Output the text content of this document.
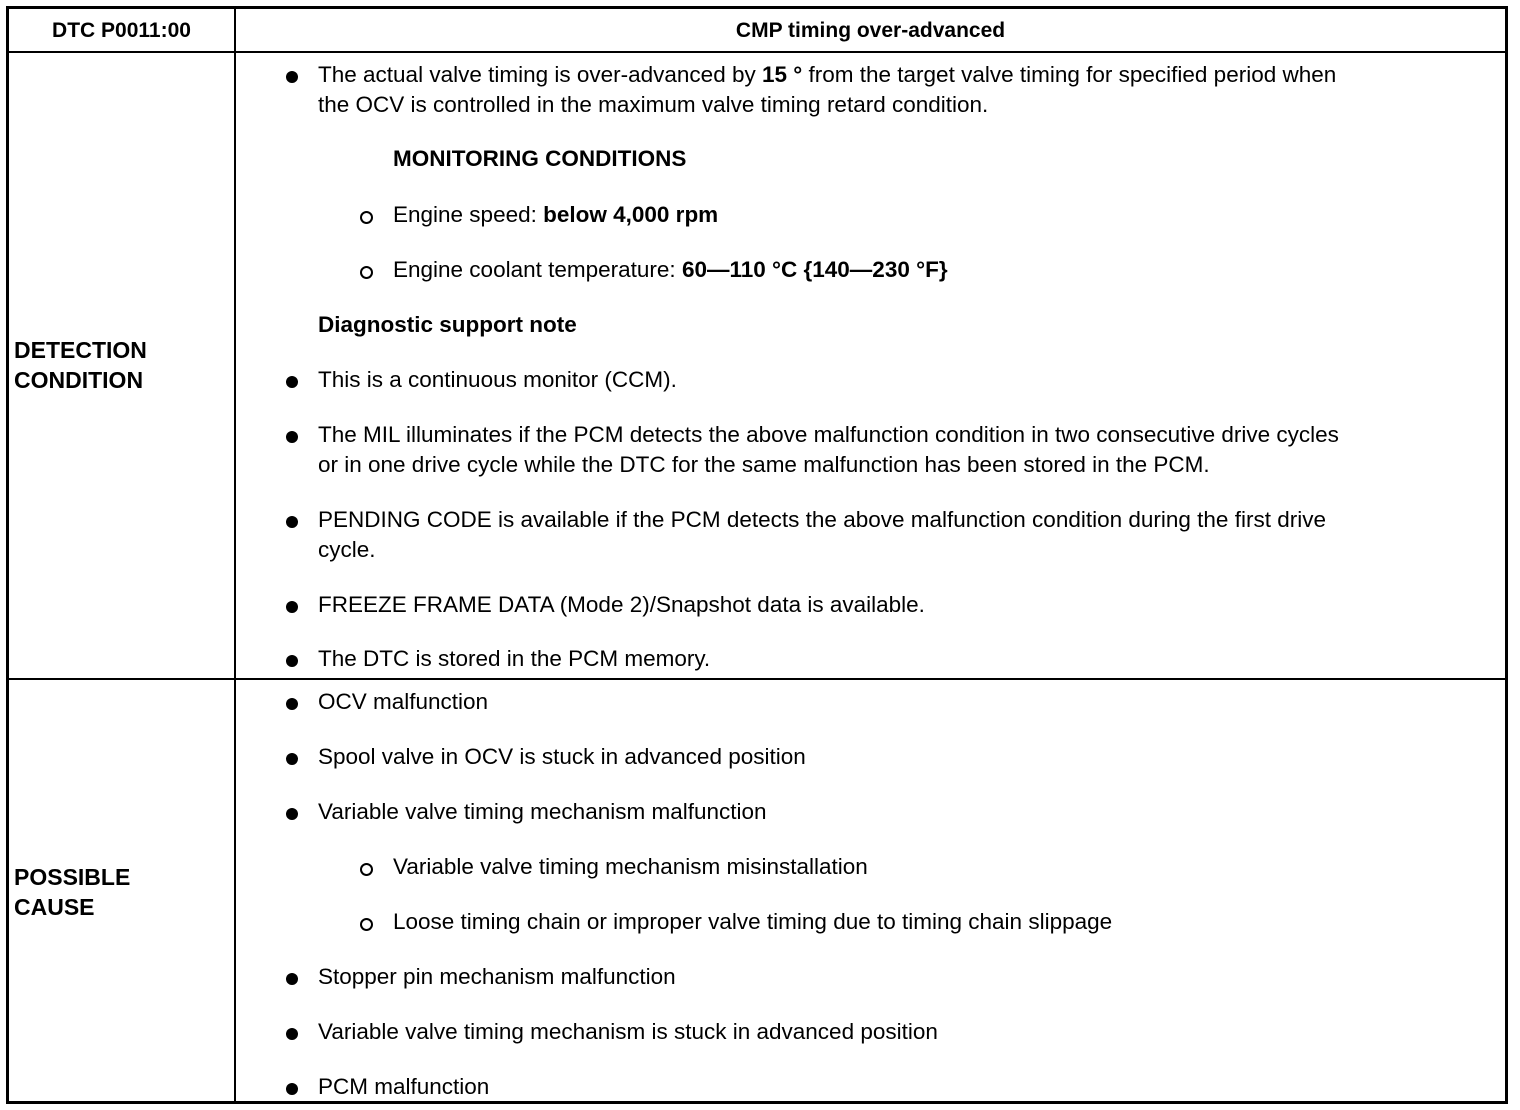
DTC P0011:00	CMP timing over-advanced
DETECTION
CONDITION
The actual valve timing is over-advanced by 15 ° from the target valve timing for specified period when
the OCV is controlled in the maximum valve timing retard condition.
MONITORING CONDITIONS
Engine speed: below 4,000 rpm
Engine coolant temperature: 60—110 °C {140—230 °F}
Diagnostic support note
This is a continuous monitor (CCM).
The MIL illuminates if the PCM detects the above malfunction condition in two consecutive drive cycles
or in one drive cycle while the DTC for the same malfunction has been stored in the PCM.
PENDING CODE is available if the PCM detects the above malfunction condition during the first drive
cycle.
FREEZE FRAME DATA (Mode 2)/Snapshot data is available.
The DTC is stored in the PCM memory.
POSSIBLE
CAUSE
OCV malfunction
Spool valve in OCV is stuck in advanced position
Variable valve timing mechanism malfunction
Variable valve timing mechanism misinstallation
Loose timing chain or improper valve timing due to timing chain slippage
Stopper pin mechanism malfunction
Variable valve timing mechanism is stuck in advanced position
PCM malfunction
